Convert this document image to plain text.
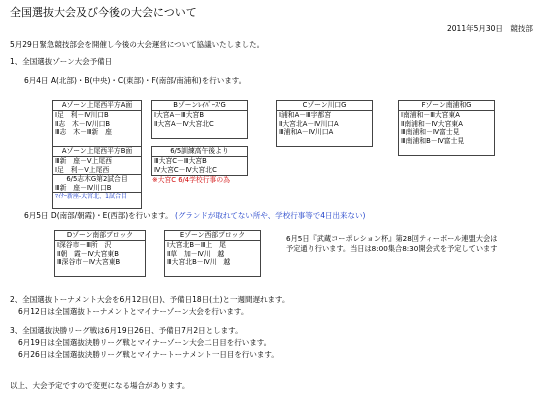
全国選抜大会及び今後の大会について
2011年5月30日　競技部
5月29日緊急競技部会を開催し今後の大会運営について協議いたしました。
1、全国選抜ゾーン大会予備日
6月4日 A(北部)・B(中央)・C(東部)・F(南部/南浦和)を行います。
Aゾーン上尾西平方A面
Ⅰ足　利－Ⅳ川口B
Ⅱ志　木－Ⅳ川口B
Ⅲ志　木－Ⅲ新　座
Aゾーン上尾西平方B面
Ⅲ新　座－Ⅴ上尾西
Ⅰ足　利－Ⅴ上尾西
6/5志木G第2試合目
Ⅲ新　座－Ⅳ川口B
ﾏｲﾅｰ新座-大宮北、1試合目
Bゾーンﾚｲﾊﾟｰｽ'G
Ⅰ大宮A－Ⅲ大宮B
Ⅱ大宮A－Ⅳ大宮北C
6/5訓練高午後より
Ⅲ大宮C－Ⅲ大宮B
Ⅳ大宮C－Ⅳ大宮北C
※大宮C 6/4学校行事の為
Cゾーン川口G
Ⅰ浦和A－Ⅲ宇都宮
Ⅱ大宮北A－Ⅳ川口A
Ⅲ浦和A－Ⅳ川口A
Fゾーン南浦和G
Ⅰ南浦和－Ⅲ大宮東A
Ⅱ南浦和－Ⅳ大宮東A
Ⅲ南浦和－Ⅳ富士見
Ⅲ南浦和B－Ⅳ富士見
6月5日 D(南部/朝霞)・E(西部)を行います。 (グランドが取れてない所や、学校行事等で4日出来ない)
Dゾーン南部ブロック
Ⅰ深谷市－Ⅲ所　沢
Ⅱ朝　霞－Ⅳ大宮東B
Ⅲ深谷市－Ⅳ大宮東B
Eゾーン西部ブロック
Ⅰ大宮北B－Ⅲ上　尾
Ⅱ草　加－Ⅳ川　越
Ⅲ大宮北B－Ⅳ川　越
6月5日『武蔵コーポレション杯』第28回ティーボール連盟大会は
予定通り行います。当日は8:00集合8:30開会式を予定しています
2、全国選抜トーナメント大会を6月12日(日)、予備日18日(土)と一週間遅れます。
6月12日は全国選抜トーナメントとマイナーゾーン大会を行います。
3、全国選抜決勝リーグ戦は6月19日26日、予備日7月2日とします。
6月19日は全国選抜決勝リーグ戦とマイナーゾーン大会二日目を行います。
6月26日は全国選抜決勝リーグ戦とマイナートーナメント一日目を行います。
以上、大会予定ですので変更になる場合があります。
